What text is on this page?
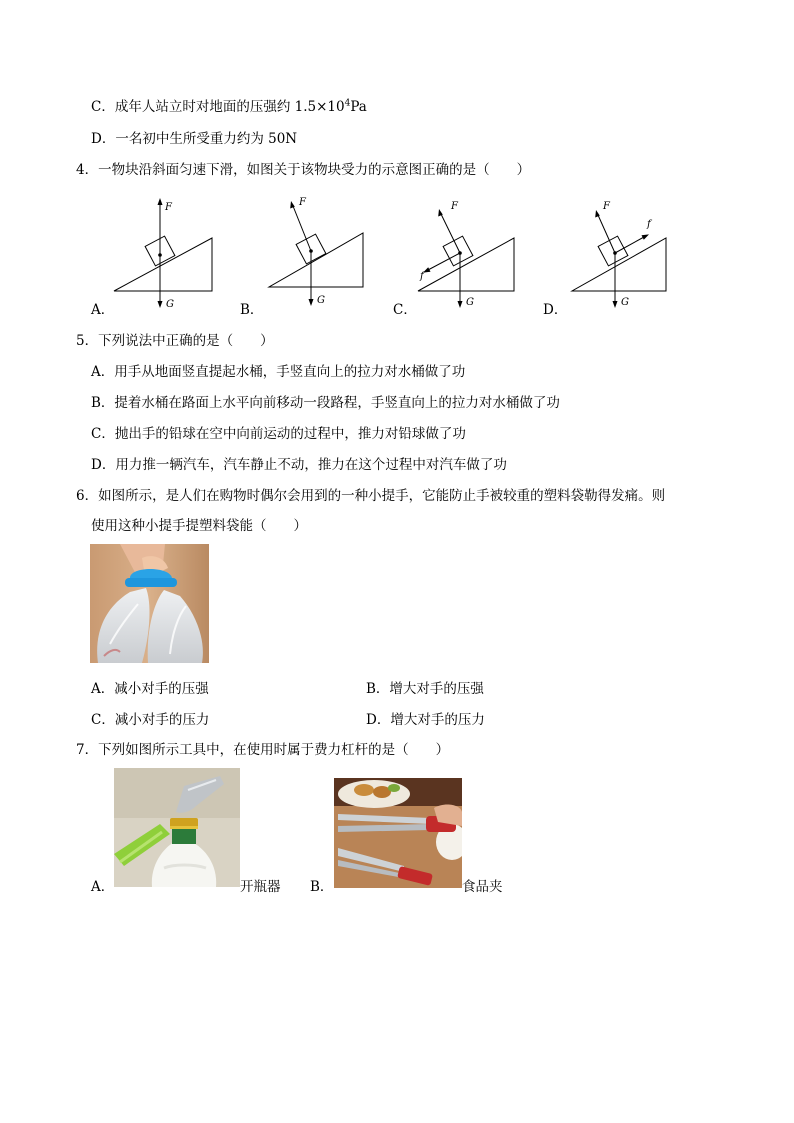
C．成年人站立时对地面的压强约 $1.5\times 10^4Pa$
D．一名初中生所受重力约为 50N
4．一物块沿斜面匀速下滑，如图关于该物块受力的示意图正确的是（　　）
F
G
A．
F
G
B．
F
G
f
C．
F
G
f
D．
5．下列说法中正确的是（　　）
A．用手从地面竖直提起水桶，手竖直向上的拉力对水桶做了功
B．提着水桶在路面上水平向前移动一段路程，手竖直向上的拉力对水桶做了功
C．抛出手的铅球在空中向前运动的过程中，推力对铅球做了功
D．用力推一辆汽车，汽车静止不动，推力在这个过程中对汽车做了功
6．如图所示，是人们在购物时偶尔会用到的一种小提手，它能防止手被较重的塑料袋勒得发痛。则
使用这种小提手提塑料袋能（　　）
A．减小对手的压强	B．增大对手的压强
C．减小对手的压力	D．增大对手的压力
7．下列如图所示工具中，在使用时属于费力杠杆的是（　　）
A．	开瓶器 B．	食品夹
